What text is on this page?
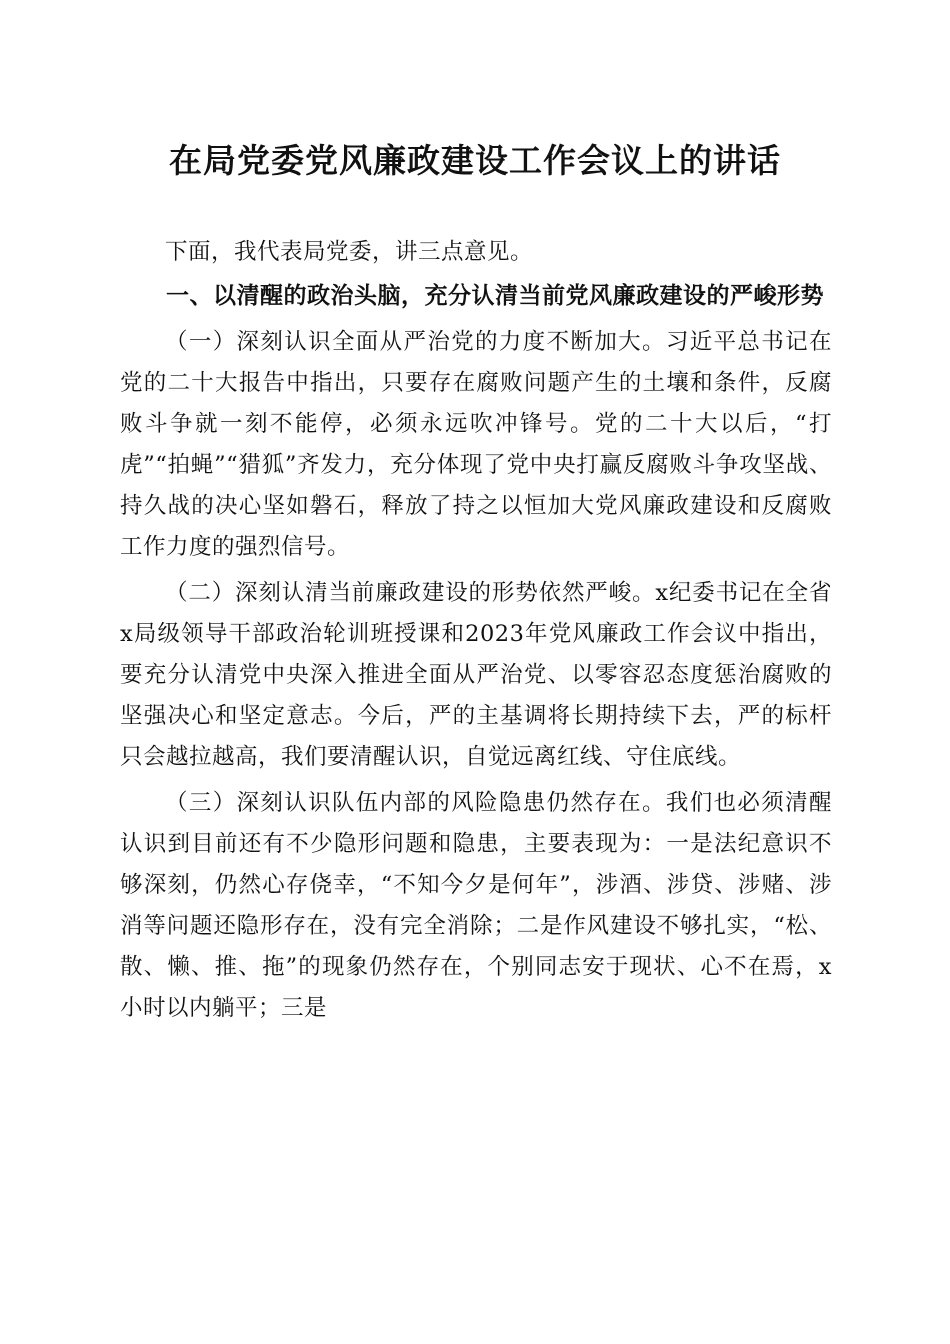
在局党委党风廉政建设工作会议上的讲话

下面，我代表局党委，讲三点意见。

一、以清醒的政治头脑，充分认清当前党风廉政建设的严峻形势

（一）深刻认识全面从严治党的力度不断加大。习近平总书记在党的二十大报告中指出，只要存在腐败问题产生的土壤和条件，反腐败斗争就一刻不能停，必须永远吹冲锋号。党的二十大以后，“打虎”“拍蝇”“猎狐”齐发力，充分体现了党中央打赢反腐败斗争攻坚战、持久战的决心坚如磐石，释放了持之以恒加大党风廉政建设和反腐败工作力度的强烈信号。

（二）深刻认清当前廉政建设的形势依然严峻。x纪委书记在全省x局级领导干部政治轮训班授课和2023年党风廉政工作会议中指出，要充分认清党中央深入推进全面从严治党、以零容忍态度惩治腐败的坚强决心和坚定意志。今后，严的主基调将长期持续下去，严的标杆只会越拉越高，我们要清醒认识，自觉远离红线、守住底线。

（三）深刻认识队伍内部的风险隐患仍然存在。我们也必须清醒认识到目前还有不少隐形问题和隐患，主要表现为：一是法纪意识不够深刻，仍然心存侥幸，“不知今夕是何年”，涉酒、涉贷、涉赌、涉消等问题还隐形存在，没有完全消除；二是作风建设不够扎实，“松、散、懒、推、拖”的现象仍然存在，个别同志安于现状、心不在焉，x小时以内躺平；三是
